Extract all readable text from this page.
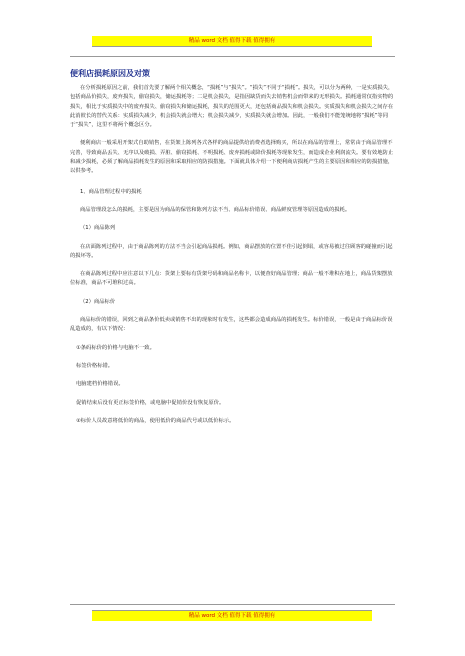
精品 word 文档 值得下载 值得拥有
便利店损耗原因及对策

在分析损耗原因之前，我们首先要了解两个相关概念，“损耗”与“损失”。“损失”不同于“损耗”。损失，可以分为两种，一是实质损失，包括商品价损失，废弃损失，偷窃损失，储运损耗等；二是机会损失，是指因缺货而失去销售机会而带来的无形损失。损耗通常仅指实物的损失，相比于实质损失中的废弃损失、偷窃损失和储运损耗，损失的范围更大，还包括商品损失和机会损失。实质损失和机会损失之间存在此消彼长的替代关系：实质损失减少，机会损失就会增大；机会损失减少，实质损失就会增加。因此，一般我们不能笼统地将“损耗”等同于“损失”，这里不将两个概念区分。

便利商店一般采用开架式自助销售，在货架上陈列各式各样的商品提供给消费者选择购买，所以在商品的管理上，常常由于商品管理不完善，导致商品丢失、无序以及破损、弄脏、偷窃损耗、不明损耗、废弃损耗或降价损耗等现象发生，而造成企业利润流失。要有效地防止和减少损耗，必须了解商品损耗发生的原因和采取相应的防损措施。下面就具体介绍一下便利商店损耗产生的主要原因和相应的防损措施，以供参考。

1、商品管理过程中的损耗

商品管理段怎么的损耗，主要是因为商品的保管和陈列方法不当、商品标价错误、商品鲜度管理等原因造成的损耗。

（1）商品陈列

在店面陈列过程中，由于商品陈列的方法不当会引起商品损耗。例如，商品摆放的位置不佳引起倒塌，或容易被过往顾客的碰撞而引起的损坏等。

在商品陈列过程中应注意以下几点：货架上要标有货架号码和商品名称卡，以便查好商品管理；商品一般不堆积在地上，商品货架摆放位标准，商品不可堆积过高。

（2）商品标价

商品标价的错误，回到之商品条价低卖或销售不出的现象时有发生，这些都会造成商品的损耗发生。标价错误，一般是由于商品标价误乱造成的，有以下情况：

①条码标价的价格与电脑不一致。

标签价格标错。

电脑建档价格错误。

促销结束后没有更正标签价格，或电脑中促销价没有恢复原价。

②标价人员故意将低价的商品，使用低价的商品代号或以低价标示。

精品 word 文档 值得下载 值得拥有
